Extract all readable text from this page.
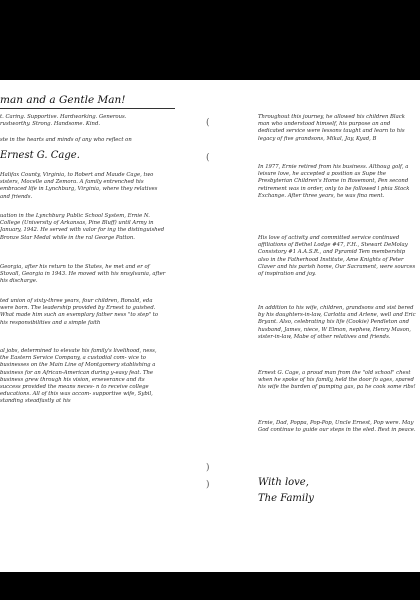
man and a Gentle Man!

t. Caring. Supportive. Hardworking. Generous.

rustworthy. Strong. Handsome. Kind.

ste in the hearts and minds of any who reflect on

Ernest G. Cage.

Halifax County, Virginia, to Robert and Maude Cage, two sisters, Mocelle and Zemora. A family entrenched his embraced life in Lynchburg, Virginia, where they relatives and friends.

uation in the Lynchburg Public School System, Ernie N. College (University of Arkansas, Pine Bluff) until Army in January, 1942. He served with valor for ing the distinguished Bronze Star Medal while in the ral George Patton.

Georgia, after his return to the States, he met and er of Stovall, Georgia in 1943. He moved with his nnsylvania, after his discharge.

ted union of sixty-three years, four children, Ronald, eda were born. The leadership provided by Ernest to guished. What made him such an exemplary father ness "to step" to his responsibilities and a simple faith

al jobs, determined to elevate his family's livelihood, ness, the Eastern Service Company, a custodial com- vice to businesses on the Main Line of Montgomery stablishing a business for an African-American during y-easy feat. The business grew through his vision, erseverance and its success provided the means neces- n to receive college educations. All of this was accom- supportive wife, Sybil, standing steadfastly at his

(
(
)
)

Throughout this journey, he allowed his children Black man who understood himself, his purpose an and dedicated service were lessons taught and learn to his legacy of five grandsons, Mikal, Jay, Kyad, B

In 1977, Ernie retired from his business. Althoug golf, a leisure love, he accepted a position as Supe the Presbyterian Children's Home in Rosemont, Pen second retirement was in order, only to be followed l phia Stock Exchange. After three years, he was fina ment.

His love of activity and committed service continued affiliations of Bethel Lodge #47, F.H., Stewart DeMolay Consistory #1 A.A.S.R., and Pyramid Tem membership also in the Fatherhood Institute, Ame Knights of Peter Claver and his parish home, Our Sacrament, were sources of inspiration and joy.

In addition to his wife, children, grandsons and sist bered by his daughters-in-law, Carlotta and Arlene, well and Eric Bryant. Also, celebrating his life (Cookie) Pendleton and husband, James, niece, W Elmon, nephew, Henry Mason, sister-in-law, Mabe of other relatives and friends.

Ernest G. Cage, a proud man from the "old school" chest when he spoke of his family, held the door fo ages, spared his wife the burden of pumping gas, pa he cook some ribs!

Ernie, Dad, Poppa, Pop-Pop, Uncle Ernest, Pop were. May God continue to guide our steps in the eled. Rest in peace.

With love,
The Family
